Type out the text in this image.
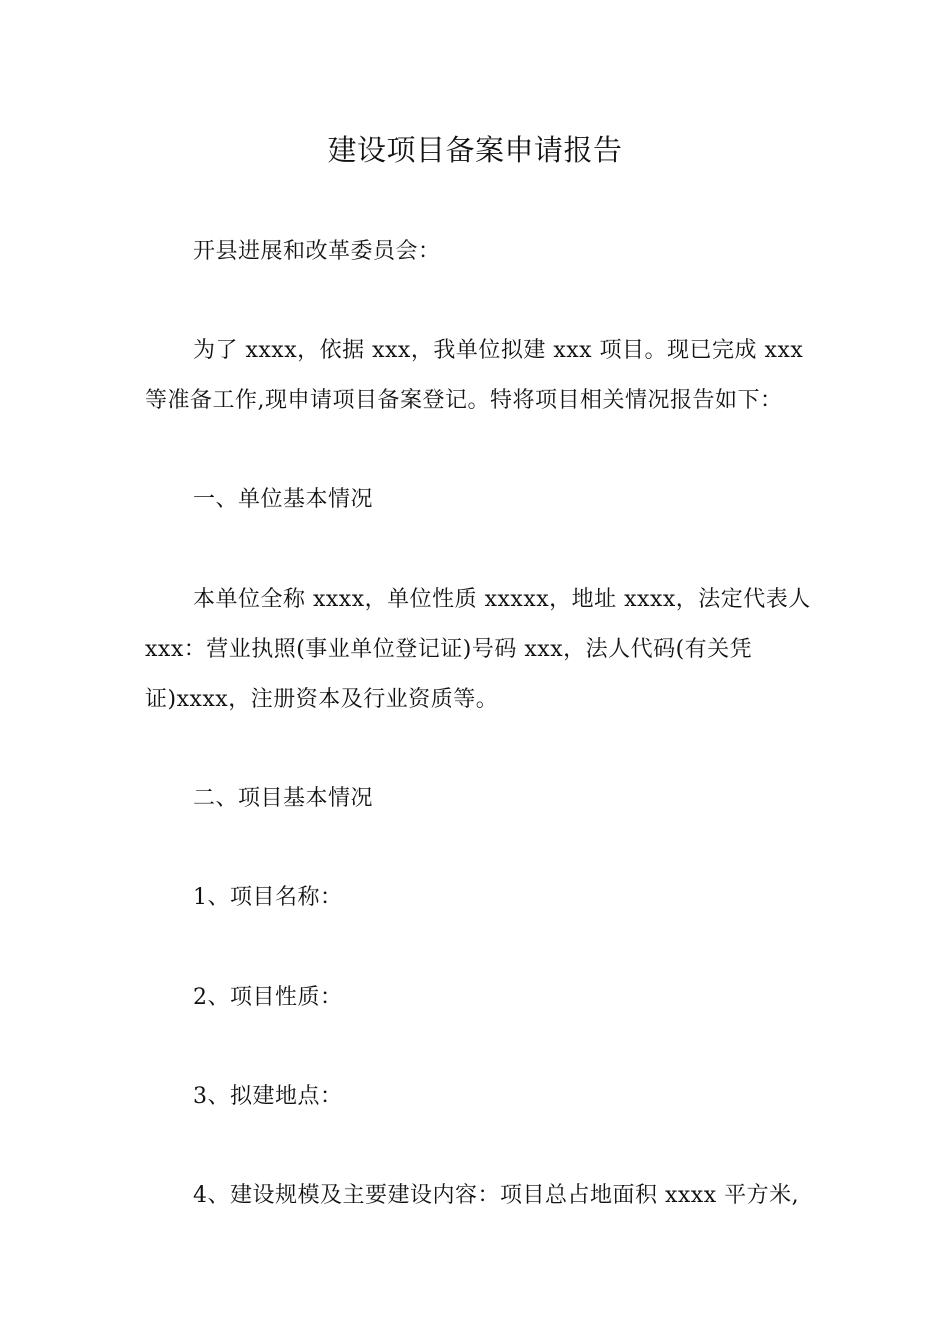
建设项目备案申请报告
开县进展和改革委员会：
为了 xxxx，依据 xxx，我单位拟建 xxx 项目。现已完成 xxx
等准备工作,现申请项目备案登记。特将项目相关情况报告如下：
一、单位基本情况
本单位全称 xxxx，单位性质 xxxxx，地址 xxxx，法定代表人
xxx：营业执照(事业单位登记证)号码 xxx，法人代码(有关凭
证)xxxx，注册资本及行业资质等。
二、项目基本情况
1、项目名称：
2、项目性质：
3、拟建地点：
4、建设规模及主要建设内容：项目总占地面积 xxxx 平方米,
